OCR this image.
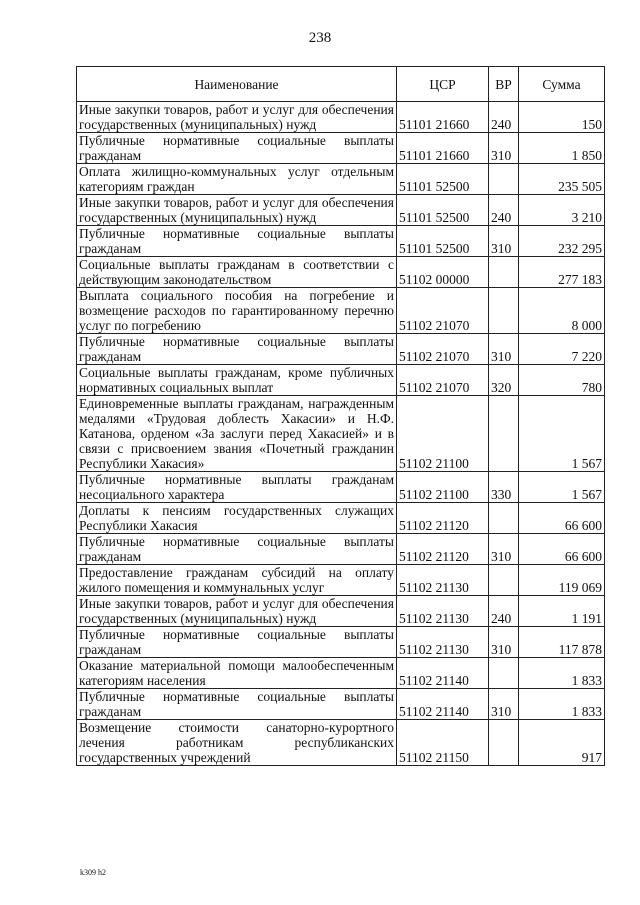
238
Наименование	ЦСР	ВР	Сумма
Иные закупки товаров, работ и услуг для обеспечения государственных (муниципальных) нужд	51101 21660	240	150
Публичные нормативные социальные выплаты гражданам	51101 21660	310	1 850
Оплата жилищно-коммунальных услуг отдельным категориям граждан	51101 52500		235 505
Иные закупки товаров, работ и услуг для обеспечения государственных (муниципальных) нужд	51101 52500	240	3 210
Публичные нормативные социальные выплаты гражданам	51101 52500	310	232 295
Социальные выплаты гражданам в соответствии с действующим законодательством	51102 00000		277 183
Выплата социального пособия на погребение и возмещение расходов по гарантированному перечню услуг по погребению	51102 21070		8 000
Публичные нормативные социальные выплаты гражданам	51102 21070	310	7 220
Социальные выплаты гражданам, кроме публичных нормативных социальных выплат	51102 21070	320	780
Единовременные выплаты гражданам, награжденным медалями «Трудовая доблесть Хакасии» и Н.Ф. Катанова, орденом «За заслуги перед Хакасией» и в связи с присвоением звания «Почетный гражданин Республики Хакасия»	51102 21100		1 567
Публичные нормативные выплаты гражданам несоциального характера	51102 21100	330	1 567
Доплаты к пенсиям государственных служащих Республики Хакасия	51102 21120		66 600
Публичные нормативные социальные выплаты гражданам	51102 21120	310	66 600
Предоставление гражданам субсидий на оплату жилого помещения и коммунальных услуг	51102 21130		119 069
Иные закупки товаров, работ и услуг для обеспечения государственных (муниципальных) нужд	51102 21130	240	1 191
Публичные нормативные социальные выплаты гражданам	51102 21130	310	117 878
Оказание материальной помощи малообеспеченным категориям населения	51102 21140		1 833
Публичные нормативные социальные выплаты гражданам	51102 21140	310	1 833
Возмещение стоимости санаторно-курортного лечения работникам республиканских государственных учреждений	51102 21150		917
k309 h2
